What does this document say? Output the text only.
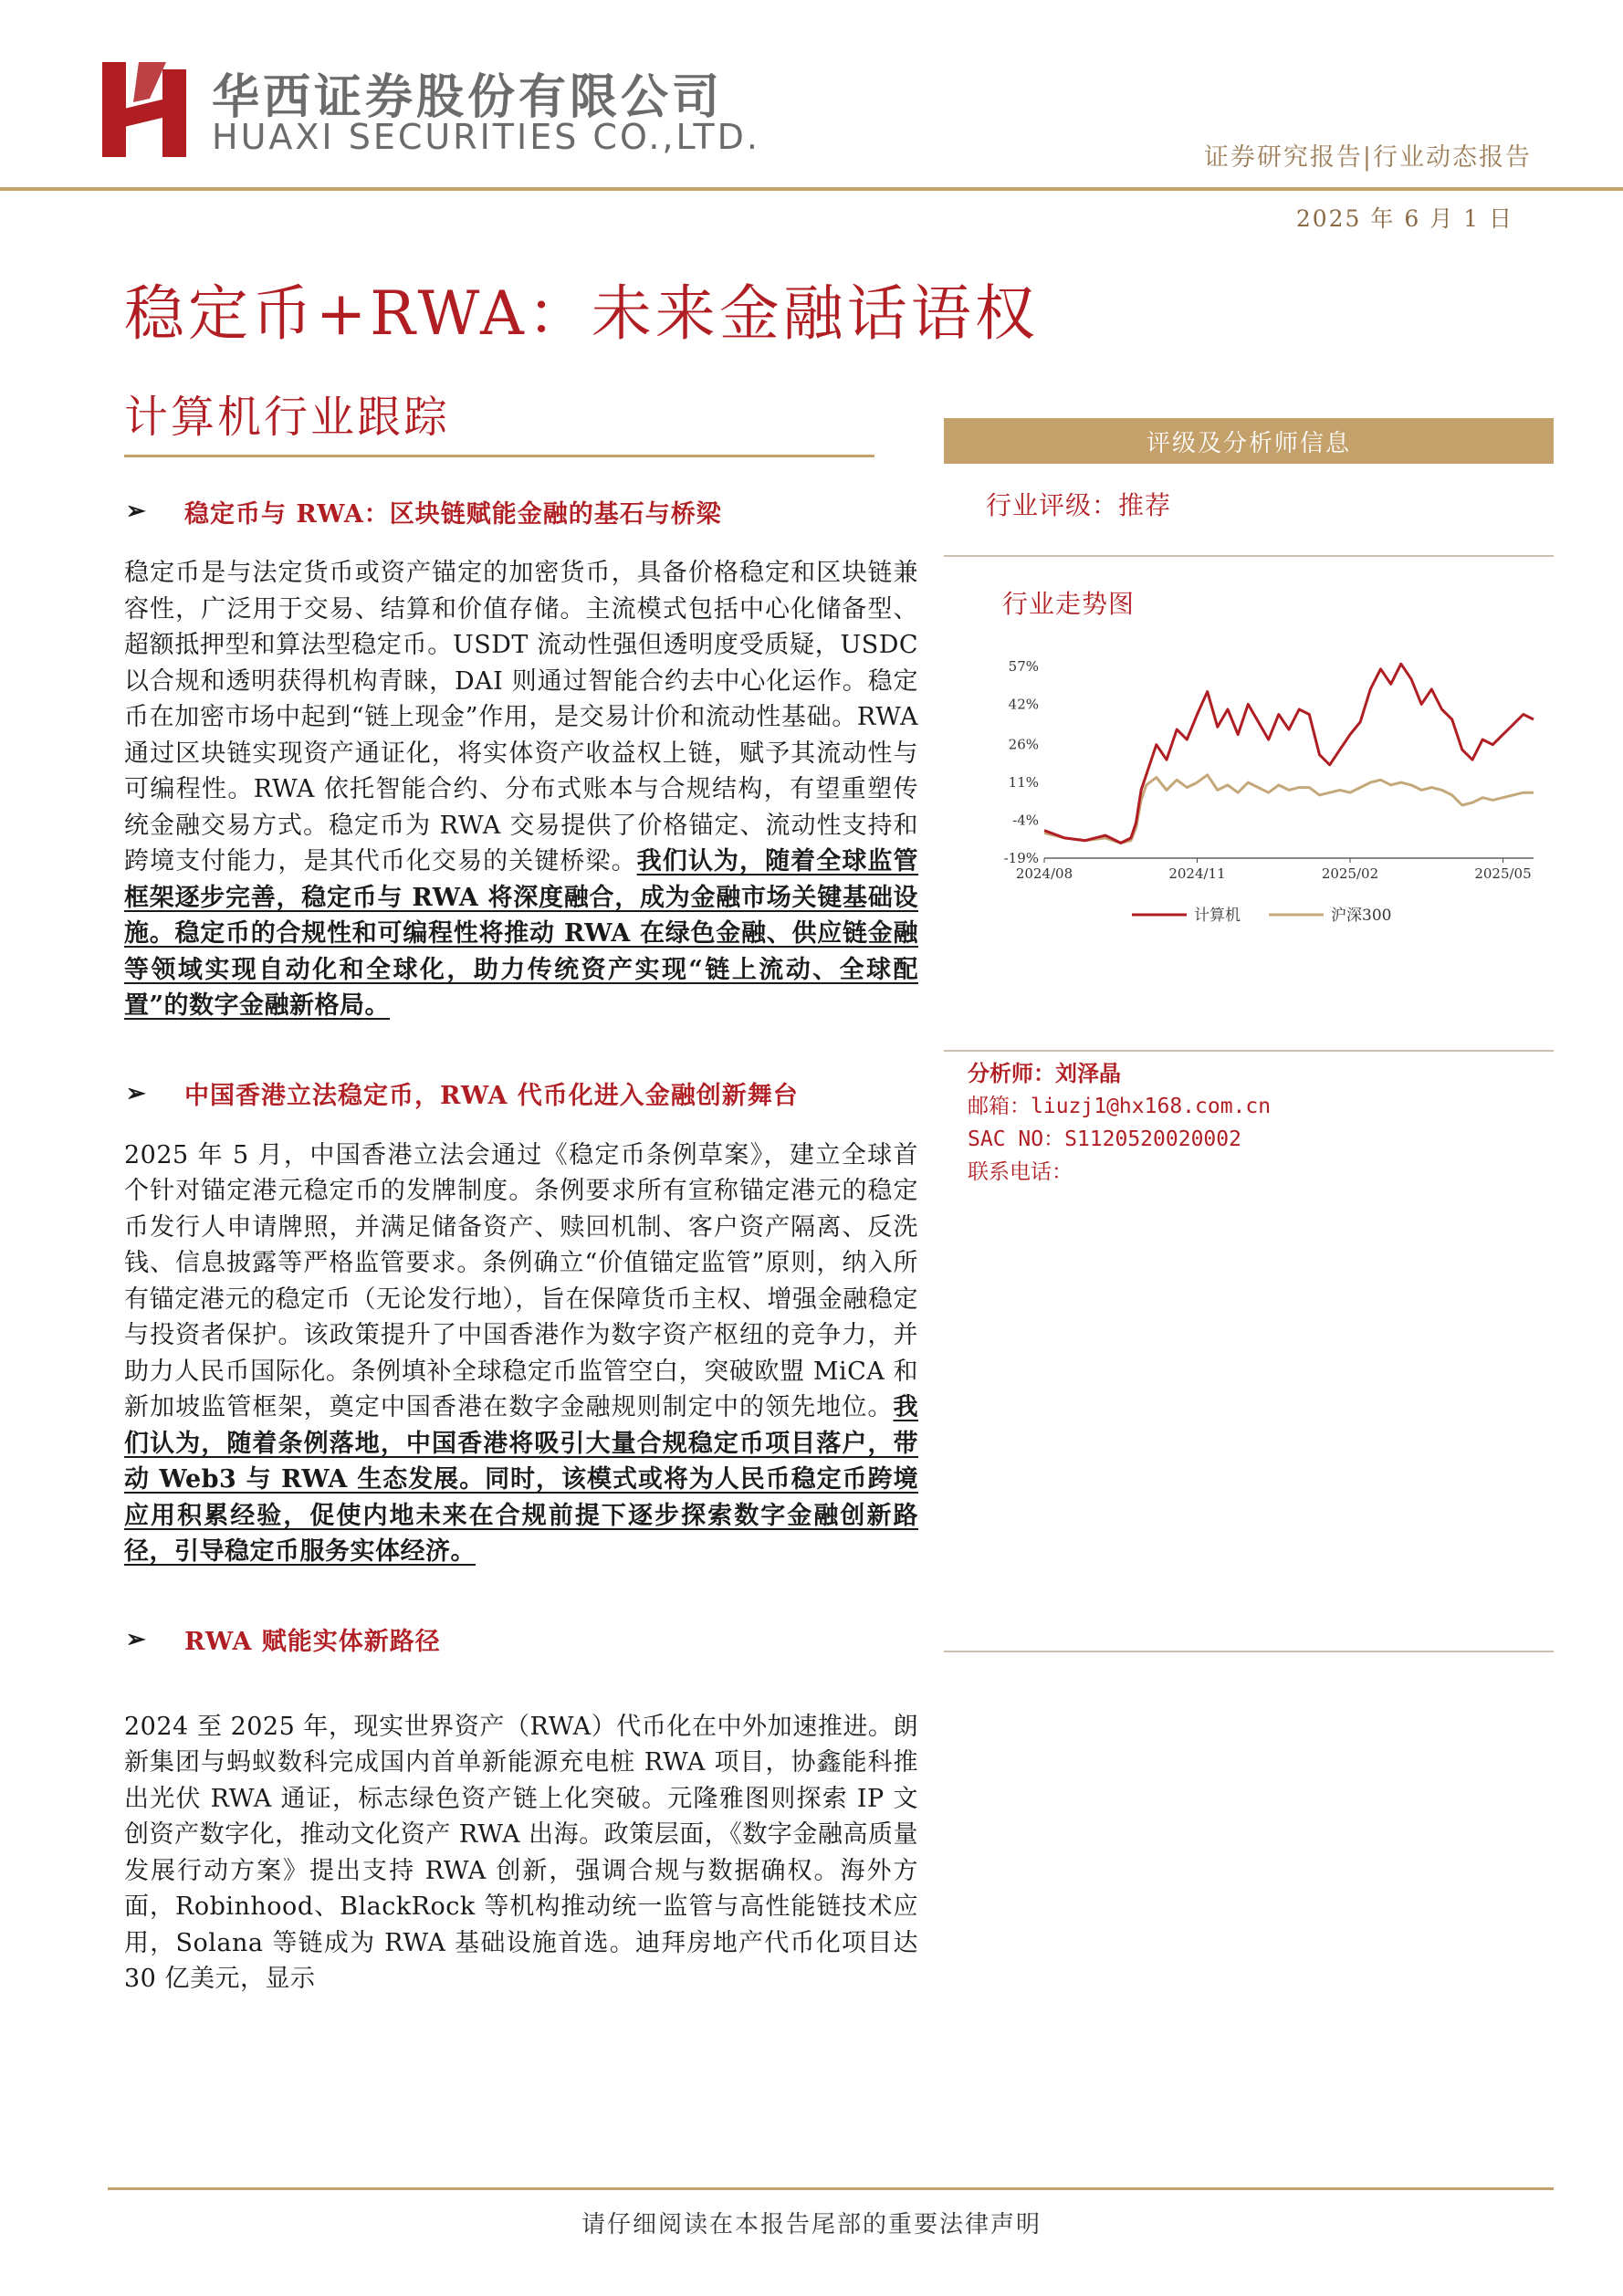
华西证券股份有限公司
HUAXI SECURITIES CO.,LTD.
证券研究报告|行业动态报告
2025 年 6 月 1 日
稳定币+RWA：未来金融话语权
计算机行业跟踪
➢	稳定币与 RWA：区块链赋能金融的基石与桥梁

稳定币是与法定货币或资产锚定的加密货币，具备价格稳定和区块链兼容性，广泛用于交易、结算和价值存储。主流模式包括中心化储备型、超额抵押型和算法型稳定币。USDT 流动性强但透明度受质疑，USDC 以合规和透明获得机构青睐，DAI 则通过智能合约去中心化运作。稳定币在加密市场中起到“链上现金”作用，是交易计价和流动性基础。RWA 通过区块链实现资产通证化，将实体资产收益权上链，赋予其流动性与可编程性。RWA 依托智能合约、分布式账本与合规结构，有望重塑传统金融交易方式。稳定币为 RWA 交易提供了价格锚定、流动性支持和跨境支付能力，是其代币化交易的关键桥梁。我们认为，随着全球监管框架逐步完善，稳定币与 RWA 将深度融合，成为金融市场关键基础设施。稳定币的合规性和可编程性将推动 RWA 在绿色金融、供应链金融等领域实现自动化和全球化，助力传统资产实现“链上流动、全球配置”的数字金融新格局。

➢	中国香港立法稳定币，RWA 代币化进入金融创新舞台

2025 年 5 月，中国香港立法会通过《稳定币条例草案》，建立全球首个针对锚定港元稳定币的发牌制度。条例要求所有宣称锚定港元的稳定币发行人申请牌照，并满足储备资产、赎回机制、客户资产隔离、反洗钱、信息披露等严格监管要求。条例确立“价值锚定监管”原则，纳入所有锚定港元的稳定币（无论发行地），旨在保障货币主权、增强金融稳定与投资者保护。该政策提升了中国香港作为数字资产枢纽的竞争力，并助力人民币国际化。条例填补全球稳定币监管空白，突破欧盟 MiCA 和新加坡监管框架，奠定中国香港在数字金融规则制定中的领先地位。我们认为，随着条例落地，中国香港将吸引大量合规稳定币项目落户，带动 Web3 与 RWA 生态发展。同时，该模式或将为人民币稳定币跨境应用积累经验，促使内地未来在合规前提下逐步探索数字金融创新路径，引导稳定币服务实体经济。

➢	RWA 赋能实体新路径

2024 至 2025 年，现实世界资产（RWA）代币化在中外加速推进。朗新集团与蚂蚁数科完成国内首单新能源充电桩 RWA 项目，协鑫能科推出光伏 RWA 通证，标志绿色资产链上化突破。元隆雅图则探索 IP 文创资产数字化，推动文化资产 RWA 出海。政策层面，《数字金融高质量发展行动方案》提出支持 RWA 创新，强调合规与数据确权。海外方面，Robinhood、BlackRock 等机构推动统一监管与高性能链技术应用，Solana 等链成为 RWA 基础设施首选。迪拜房地产代币化项目达 30 亿美元，显示

评级及分析师信息
行业评级：推荐
行业走势图
57%
42%
26%
11%
-4%
-19%
2024/08	2024/11	2025/02	2025/05
计算机	沪深300
分析师：刘泽晶
邮箱：liuzj1@hx168.com.cn
SAC NO：S1120520020002
联系电话：
请仔细阅读在本报告尾部的重要法律声明
